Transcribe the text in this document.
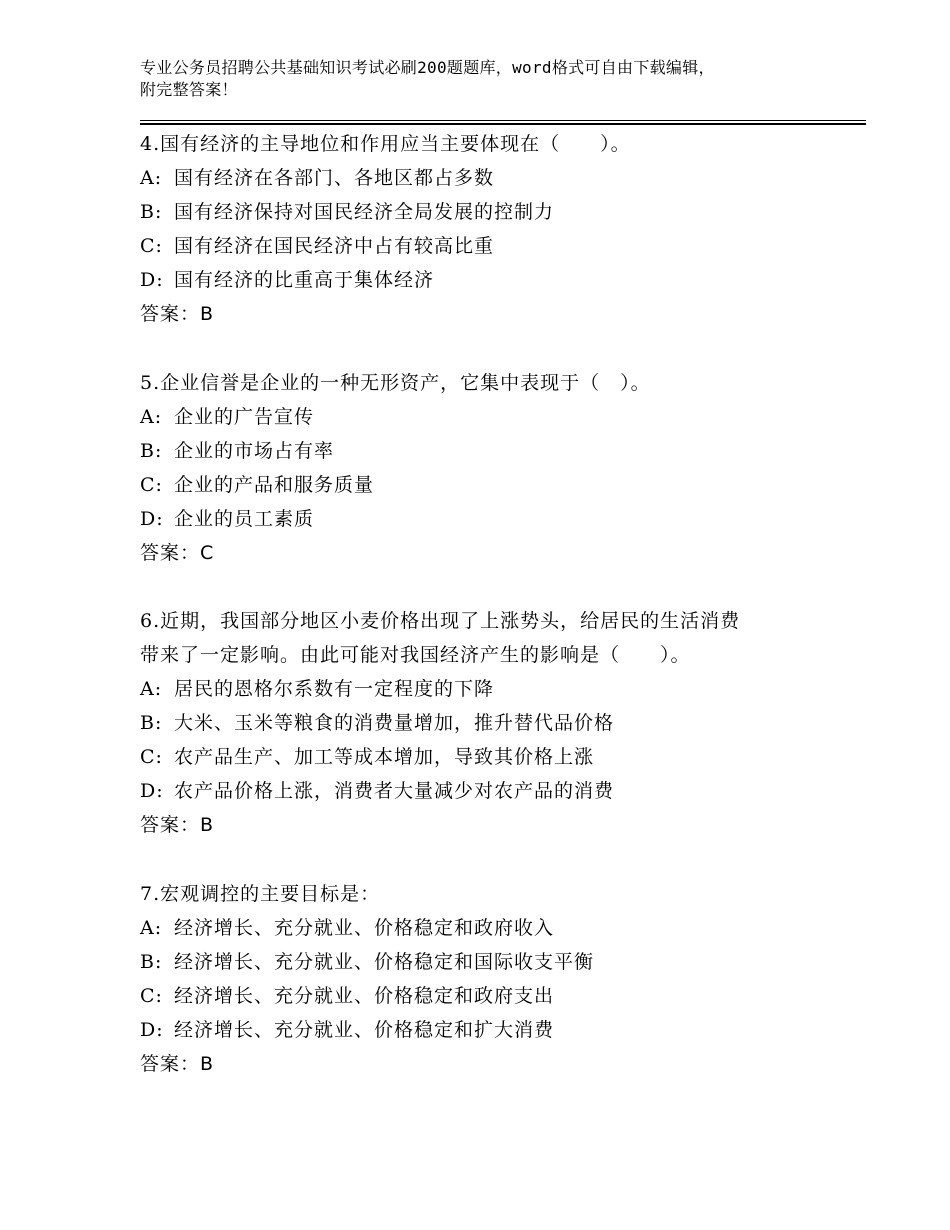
专业公务员招聘公共基础知识考试必刷200题题库，word格式可自由下载编辑，
附完整答案！
4.国有经济的主导地位和作用应当主要体现在（　　）。
A: 国有经济在各部门、各地区都占多数
B: 国有经济保持对国民经济全局发展的控制力
C: 国有经济在国民经济中占有较高比重
D: 国有经济的比重高于集体经济
答案：B
5.企业信誉是企业的一种无形资产，它集中表现于（　）。
A: 企业的广告宣传
B: 企业的市场占有率
C: 企业的产品和服务质量
D: 企业的员工素质
答案：C
6.近期，我国部分地区小麦价格出现了上涨势头，给居民的生活消费
带来了一定影响。由此可能对我国经济产生的影响是（　　）。
A: 居民的恩格尔系数有一定程度的下降
B: 大米、玉米等粮食的消费量增加，推升替代品价格
C: 农产品生产、加工等成本增加，导致其价格上涨
D: 农产品价格上涨，消费者大量减少对农产品的消费
答案：B
7.宏观调控的主要目标是：
A: 经济增长、充分就业、价格稳定和政府收入
B: 经济增长、充分就业、价格稳定和国际收支平衡
C: 经济增长、充分就业、价格稳定和政府支出
D: 经济增长、充分就业、价格稳定和扩大消费
答案：B
